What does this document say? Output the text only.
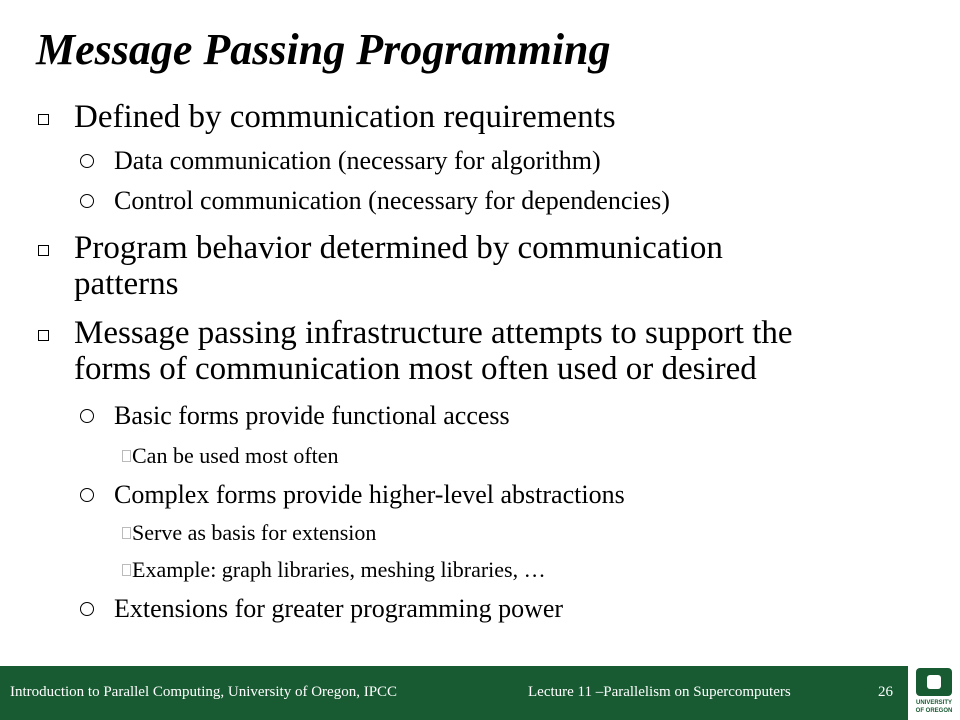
Message Passing Programming
Defined by communication requirements
Data communication (necessary for algorithm)
Control communication (necessary for dependencies)
Program behavior determined by communication
patterns
Message passing infrastructure attempts to support the
forms of communication most often used or desired
Basic forms provide functional access
Can be used most often
Complex forms provide higher-level abstractions
Serve as basis for extension
Example: graph libraries, meshing libraries, …
Extensions for greater programming power
Introduction to Parallel Computing, University of Oregon, IPCC	Lecture 11 –Parallelism on Supercomputers	26
UNIVERSITY
OF OREGON
